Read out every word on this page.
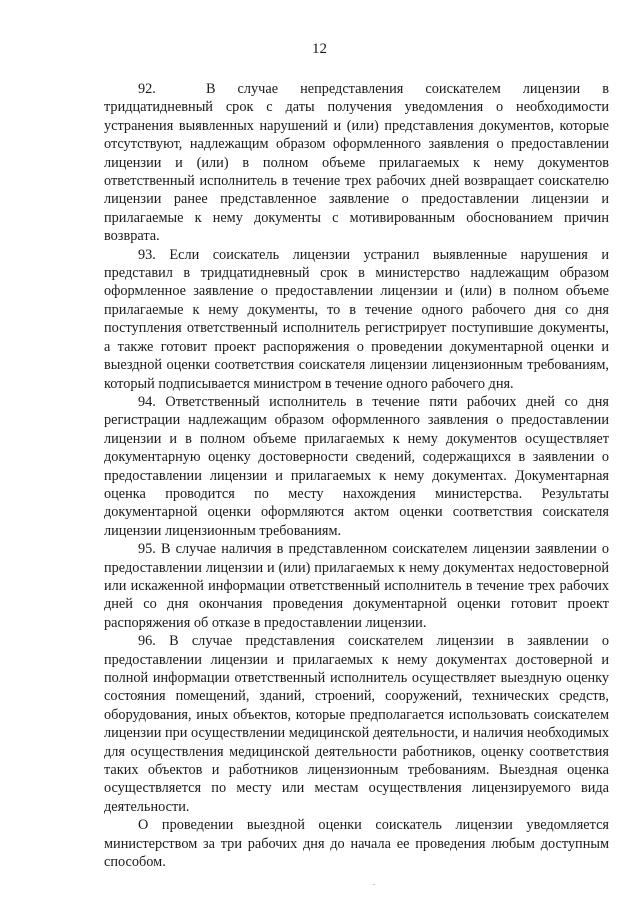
12

92.	В случае непредставления соискателем лицензии в тридцатидневный срок с даты получения уведомления о необходимости устранения выявленных нарушений и (или) представления документов, которые отсутствуют, надлежащим образом оформленного заявления о предоставлении лицензии и (или) в полном объеме прилагаемых к нему документов ответственный исполнитель в течение трех рабочих дней возвращает соискателю лицензии ранее представленное заявление о предоставлении лицензии и прилагаемые к нему документы с мотивированным обоснованием причин возврата.

93. Если соискатель лицензии устранил выявленные нарушения и представил в тридцатидневный срок в министерство надлежащим образом оформленное заявление о предоставлении лицензии и (или) в полном объеме прилагаемые к нему документы, то в течение одного рабочего дня со дня поступления ответственный исполнитель регистрирует поступившие документы, а также готовит проект распоряжения о проведении документарной оценки и выездной оценки соответствия соискателя лицензии лицензионным требованиям, который подписывается министром в течение одного рабочего дня.

94. Ответственный исполнитель в течение пяти рабочих дней со дня регистрации надлежащим образом оформленного заявления о предоставлении лицензии и в полном объеме прилагаемых к нему документов осуществляет документарную оценку достоверности сведений, содержащихся в заявлении о предоставлении лицензии и прилагаемых к нему документах. Документарная оценка проводится по месту нахождения министерства. Результаты документарной оценки оформляются актом оценки соответствия соискателя лицензии лицензионным требованиям.

95. В случае наличия в представленном соискателем лицензии заявлении о предоставлении лицензии и (или) прилагаемых к нему документах недостоверной или искаженной информации ответственный исполнитель в течение трех рабочих дней со дня окончания проведения документарной оценки готовит проект распоряжения об отказе в предоставлении лицензии.

96. В случае представления соискателем лицензии в заявлении о предоставлении лицензии и прилагаемых к нему документах достоверной и полной информации ответственный исполнитель осуществляет выездную оценку состояния помещений, зданий, строений, сооружений, технических средств, оборудования, иных объектов, которые предполагается использовать соискателем лицензии при осуществлении медицинской деятельности, и наличия необходимых для осуществления медицинской деятельности работников, оценку соответствия таких объектов и работников лицензионным требованиям. Выездная оценка осуществляется по месту или местам осуществления лицензируемого вида деятельности.

О проведении выездной оценки соискатель лицензии уведомляется министерством за три рабочих дня до начала ее проведения любым доступным способом.
